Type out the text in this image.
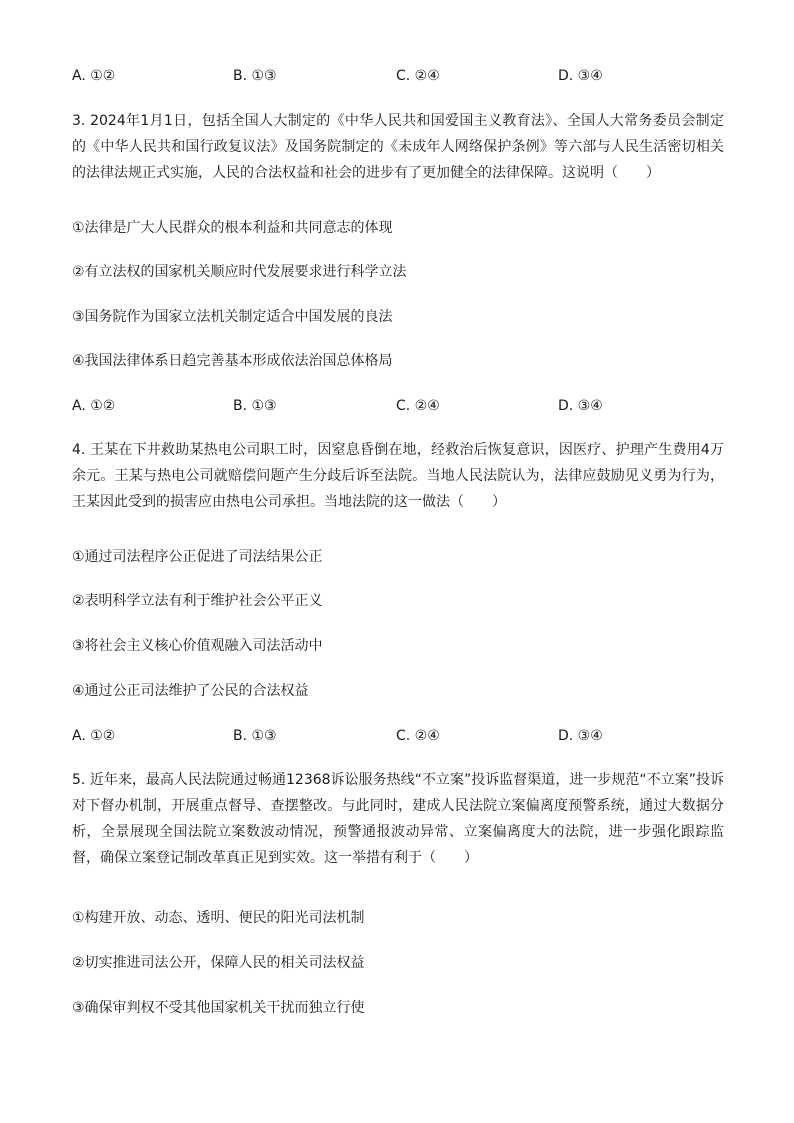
A. ①②	B. ①③	C. ②④	D. ③④
3. 2024年1月1日，包括全国人大制定的《中华人民共和国爱国主义教育法》、全国人大常务委员会制定的《中华人民共和国行政复议法》及国务院制定的《未成年人网络保护条例》等六部与人民生活密切相关的法律法规正式实施，人民的合法权益和社会的进步有了更加健全的法律保障。这说明（　　）
①法律是广大人民群众的根本利益和共同意志的体现
②有立法权的国家机关顺应时代发展要求进行科学立法
③国务院作为国家立法机关制定适合中国发展的良法
④我国法律体系日趋完善基本形成依法治国总体格局
A. ①②	B. ①③	C. ②④	D. ③④
4. 王某在下井救助某热电公司职工时，因窒息昏倒在地，经救治后恢复意识，因医疗、护理产生费用4万余元。王某与热电公司就赔偿问题产生分歧后诉至法院。当地人民法院认为，法律应鼓励见义勇为行为，王某因此受到的损害应由热电公司承担。当地法院的这一做法（　　）
①通过司法程序公正促进了司法结果公正
②表明科学立法有利于维护社会公平正义
③将社会主义核心价值观融入司法活动中
④通过公正司法维护了公民的合法权益
A. ①②	B. ①③	C. ②④	D. ③④
5. 近年来，最高人民法院通过畅通12368诉讼服务热线“不立案”投诉监督渠道，进一步规范“不立案”投诉对下督办机制，开展重点督导、查摆整改。与此同时，建成人民法院立案偏离度预警系统，通过大数据分析，全景展现全国法院立案数波动情况，预警通报波动异常、立案偏离度大的法院，进一步强化跟踪监督，确保立案登记制改革真正见到实效。这一举措有利于（　　）
①构建开放、动态、透明、便民的阳光司法机制
②切实推进司法公开，保障人民的相关司法权益
③确保审判权不受其他国家机关干扰而独立行使
